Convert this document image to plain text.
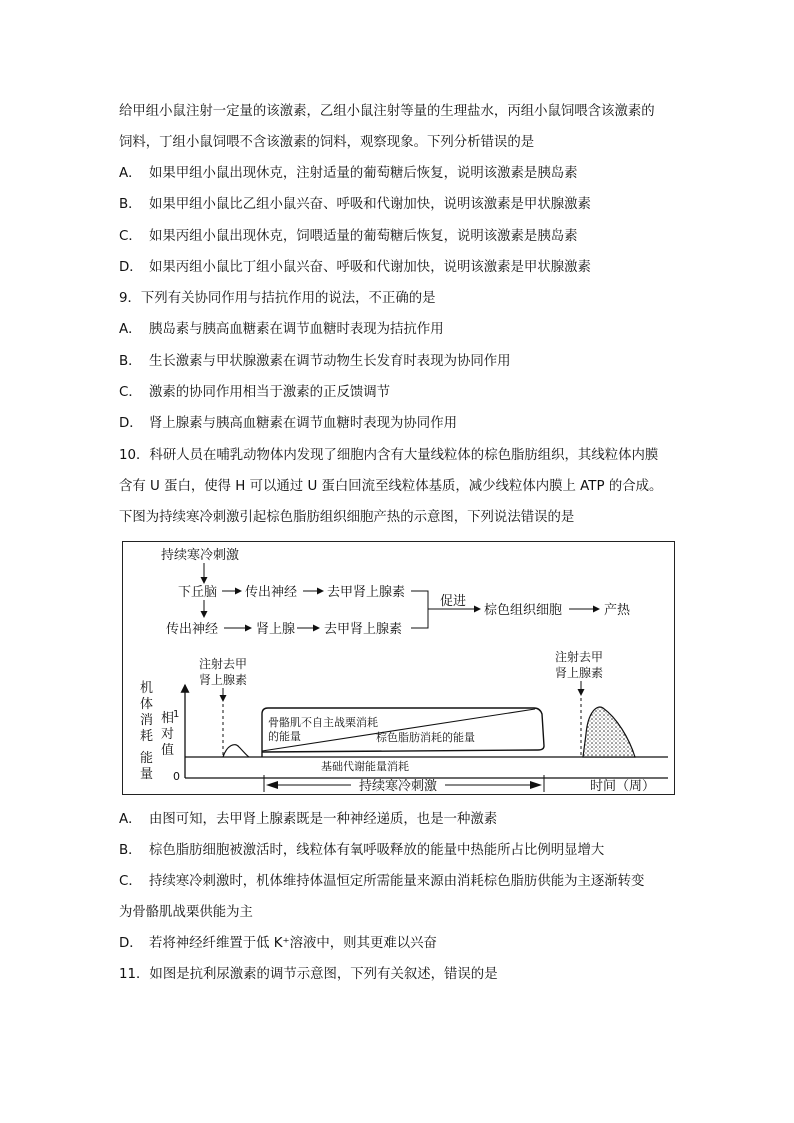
给甲组小鼠注射一定量的该激素，乙组小鼠注射等量的生理盐水，丙组小鼠饲喂含该激素的
饲料，丁组小鼠饲喂不含该激素的饲料，观察现象。下列分析错误的是
A． 如果甲组小鼠出现休克，注射适量的葡萄糖后恢复，说明该激素是胰岛素
B． 如果甲组小鼠比乙组小鼠兴奋、呼吸和代谢加快，说明该激素是甲状腺激素
C． 如果丙组小鼠出现休克，饲喂适量的葡萄糖后恢复，说明该激素是胰岛素
D． 如果丙组小鼠比丁组小鼠兴奋、呼吸和代谢加快，说明该激素是甲状腺激素
9．下列有关协同作用与拮抗作用的说法，不正确的是
A． 胰岛素与胰高血糖素在调节血糖时表现为拮抗作用
B． 生长激素与甲状腺激素在调节动物生长发育时表现为协同作用
C． 激素的协同作用相当于激素的正反馈调节
D． 肾上腺素与胰高血糖素在调节血糖时表现为协同作用
10．科研人员在哺乳动物体内发现了细胞内含有大量线粒体的棕色脂肪组织，其线粒体内膜
含有 U 蛋白，使得 H 可以通过 U 蛋白回流至线粒体基质，减少线粒体内膜上 ATP 的合成。
下图为持续寒冷刺激引起棕色脂肪组织细胞产热的示意图，下列说法错误的是
持续寒冷刺激
下丘脑 传出神经 去甲肾上腺素
传出神经	肾上腺 去甲肾上腺素
促进
棕色组织细胞	产热
机
体
消
耗
能
量
相
对
值
1
0
基础代谢能量消耗
骨骼肌不自主战栗消耗
的能量	棕色脂肪消耗的能量
注射去甲
肾上腺素
注射去甲
肾上腺素
持续寒冷刺激	时间（周）
A． 由图可知，去甲肾上腺素既是一种神经递质，也是一种激素
B． 棕色脂肪细胞被激活时，线粒体有氧呼吸释放的能量中热能所占比例明显增大
C． 持续寒冷刺激时，机体维持体温恒定所需能量来源由消耗棕色脂肪供能为主逐渐转变
为骨骼肌战栗供能为主
D． 若将神经纤维置于低 K⁺溶液中，则其更难以兴奋
11．如图是抗利尿激素的调节示意图，下列有关叙述，错误的是
